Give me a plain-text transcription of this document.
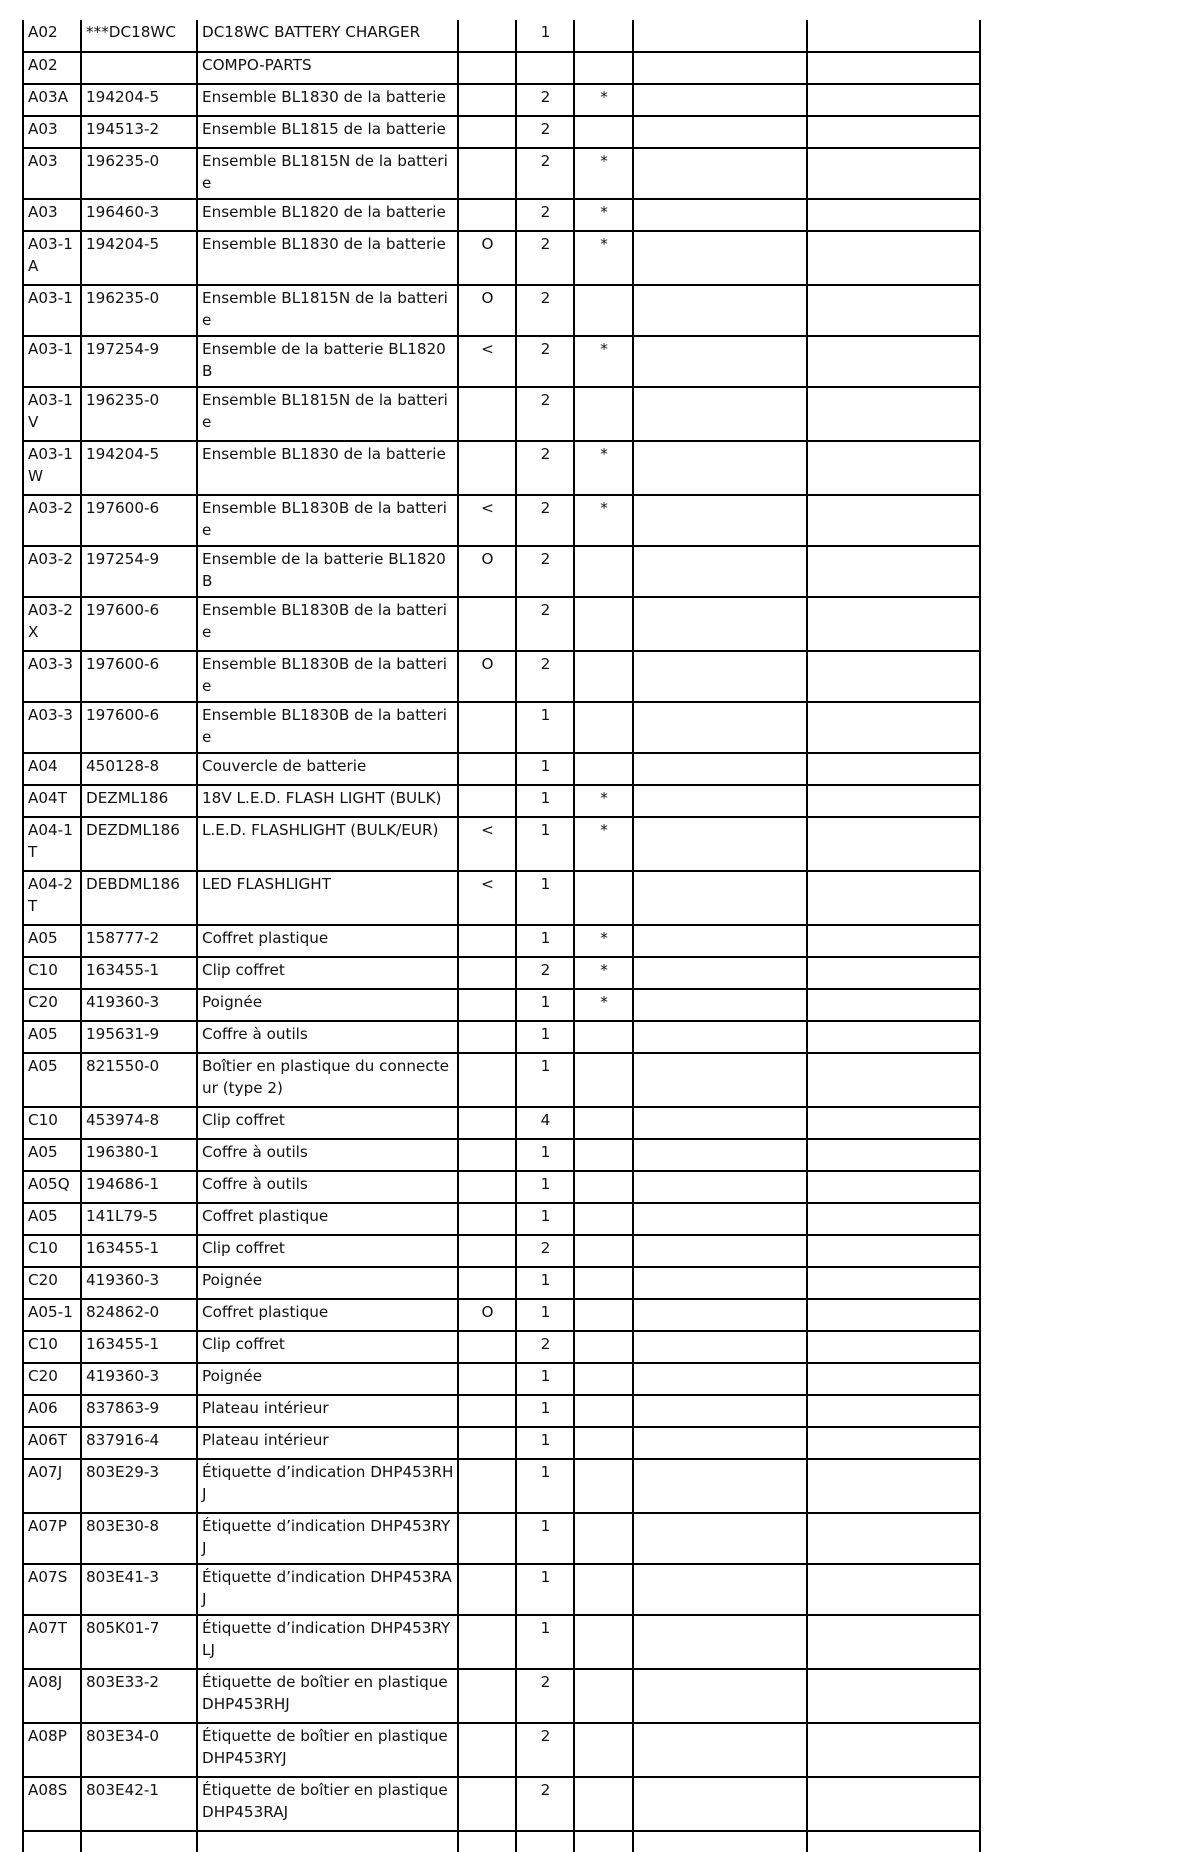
A02	***DC18WC	DC18WC BATTERY CHARGER		1			
A02		COMPO-PARTS					
A03A	194204-5	Ensemble BL1830 de la batterie		2	*		
A03	194513-2	Ensemble BL1815 de la batterie		2			
A03	196235-0	Ensemble BL1815N de la batterie		2	*		
A03	196460-3	Ensemble BL1820 de la batterie		2	*		
A03-1A	194204-5	Ensemble BL1830 de la batterie	O	2	*		
A03-1	196235-0	Ensemble BL1815N de la batterie	O	2			
A03-1	197254-9	Ensemble de la batterie BL1820B	<	2	*		
A03-1V	196235-0	Ensemble BL1815N de la batterie		2			
A03-1W	194204-5	Ensemble BL1830 de la batterie		2	*		
A03-2	197600-6	Ensemble BL1830B de la batterie	<	2	*		
A03-2	197254-9	Ensemble de la batterie BL1820B	O	2			
A03-2X	197600-6	Ensemble BL1830B de la batterie		2			
A03-3	197600-6	Ensemble BL1830B de la batterie	O	2			
A03-3	197600-6	Ensemble BL1830B de la batterie		1			
A04	450128-8	Couvercle de batterie		1			
A04T	DEZML186	18V L.E.D. FLASH LIGHT (BULK)		1	*		
A04-1T	DEZDML186	L.E.D. FLASHLIGHT (BULK/EUR)	<	1	*		
A04-2T	DEBDML186	LED FLASHLIGHT	<	1			
A05	158777-2	Coffret plastique		1	*		
C10	163455-1	Clip coffret		2	*		
C20	419360-3	Poignée		1	*		
A05	195631-9	Coffre à outils		1			
A05	821550-0	Boîtier en plastique du connecteur (type 2)		1			
C10	453974-8	Clip coffret		4			
A05	196380-1	Coffre à outils		1			
A05Q	194686-1	Coffre à outils		1			
A05	141L79-5	Coffret plastique		1			
C10	163455-1	Clip coffret		2			
C20	419360-3	Poignée		1			
A05-1	824862-0	Coffret plastique	O	1			
C10	163455-1	Clip coffret		2			
C20	419360-3	Poignée		1			
A06	837863-9	Plateau intérieur		1			
A06T	837916-4	Plateau intérieur		1			
A07J	803E29-3	Étiquette d’indication DHP453RHJ		1			
A07P	803E30-8	Étiquette d’indication DHP453RYJ		1			
A07S	803E41-3	Étiquette d’indication DHP453RAJ		1			
A07T	805K01-7	Étiquette d’indication DHP453RYLJ		1			
A08J	803E33-2	Étiquette de boîtier en plastique DHP453RHJ		2			
A08P	803E34-0	Étiquette de boîtier en plastique DHP453RYJ		2			
A08S	803E42-1	Étiquette de boîtier en plastique DHP453RAJ		2			
